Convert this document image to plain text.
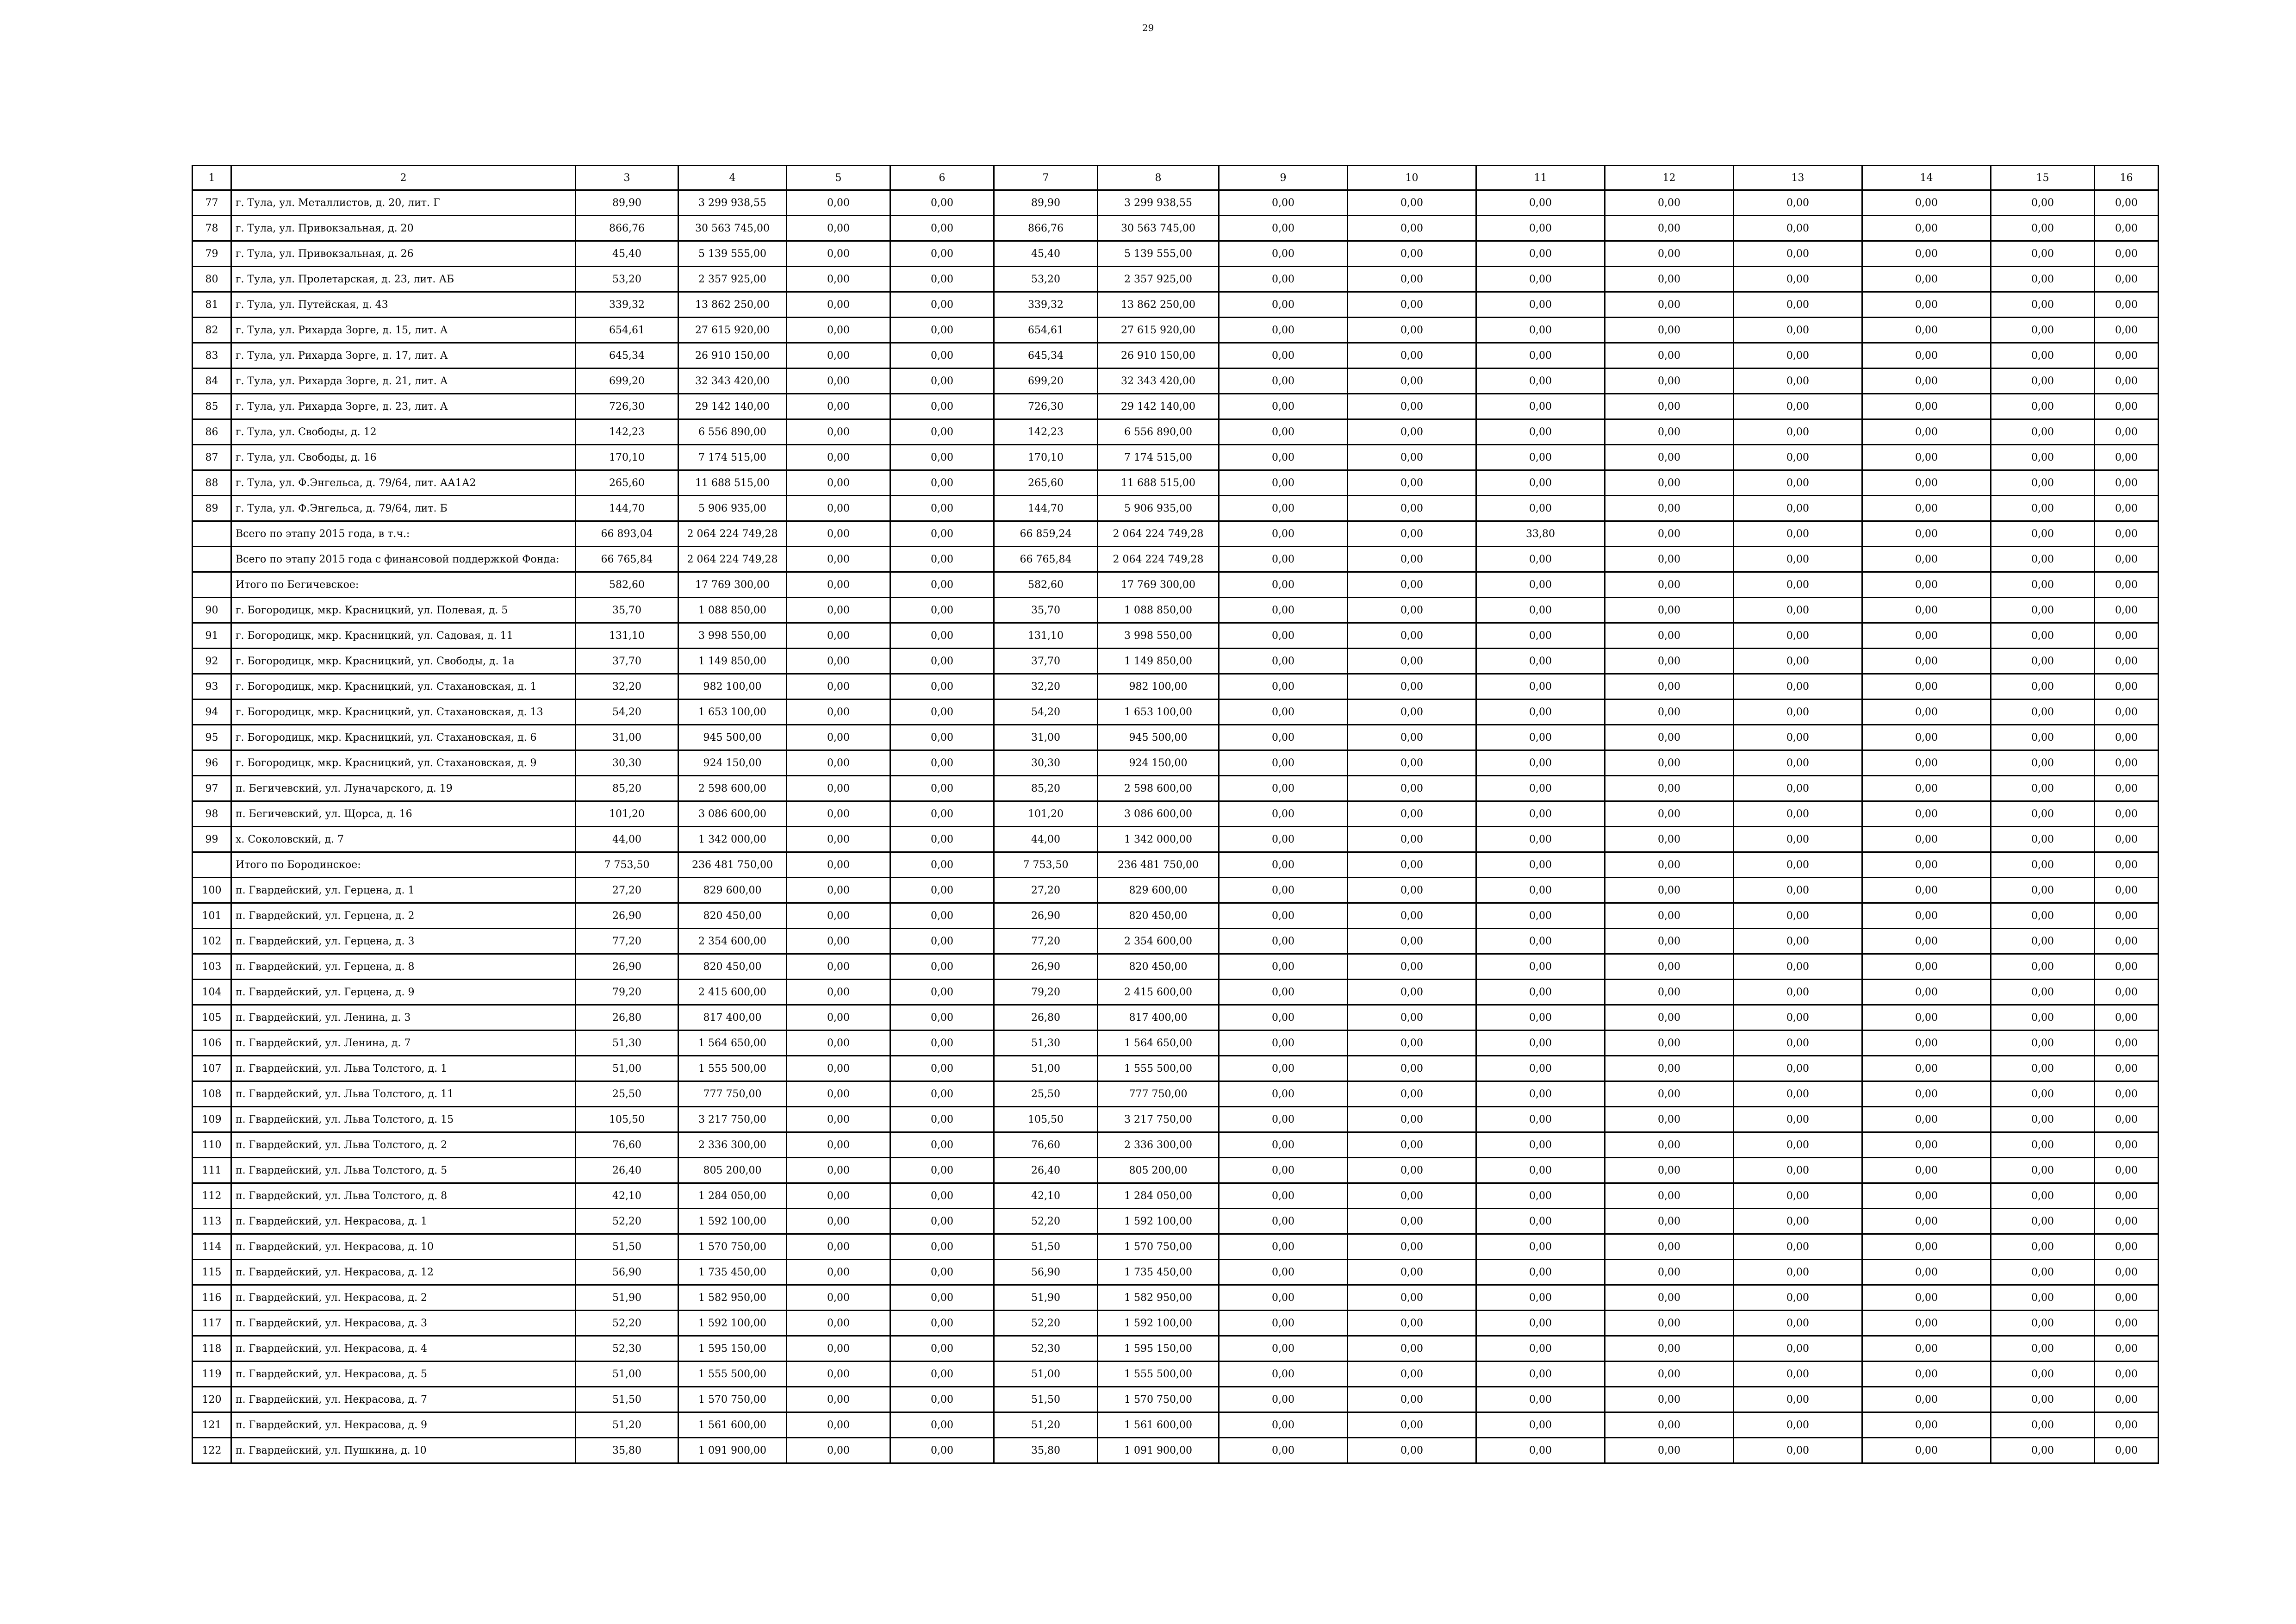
29
1	2	3	4	5	6	7	8	9	10	11	12	13	14	15	16
77	г. Тула, ул. Металлистов, д. 20, лит. Г	89,90	3 299 938,55	0,00	0,00	89,90	3 299 938,55	0,00	0,00	0,00	0,00	0,00	0,00	0,00	0,00
78	г. Тула, ул. Привокзальная, д. 20	866,76	30 563 745,00	0,00	0,00	866,76	30 563 745,00	0,00	0,00	0,00	0,00	0,00	0,00	0,00	0,00
79	г. Тула, ул. Привокзальная, д. 26	45,40	5 139 555,00	0,00	0,00	45,40	5 139 555,00	0,00	0,00	0,00	0,00	0,00	0,00	0,00	0,00
80	г. Тула, ул. Пролетарская, д. 23, лит. АБ	53,20	2 357 925,00	0,00	0,00	53,20	2 357 925,00	0,00	0,00	0,00	0,00	0,00	0,00	0,00	0,00
81	г. Тула, ул. Путейская, д. 43	339,32	13 862 250,00	0,00	0,00	339,32	13 862 250,00	0,00	0,00	0,00	0,00	0,00	0,00	0,00	0,00
82	г. Тула, ул. Рихарда Зорге, д. 15, лит. А	654,61	27 615 920,00	0,00	0,00	654,61	27 615 920,00	0,00	0,00	0,00	0,00	0,00	0,00	0,00	0,00
83	г. Тула, ул. Рихарда Зорге, д. 17, лит. А	645,34	26 910 150,00	0,00	0,00	645,34	26 910 150,00	0,00	0,00	0,00	0,00	0,00	0,00	0,00	0,00
84	г. Тула, ул. Рихарда Зорге, д. 21, лит. А	699,20	32 343 420,00	0,00	0,00	699,20	32 343 420,00	0,00	0,00	0,00	0,00	0,00	0,00	0,00	0,00
85	г. Тула, ул. Рихарда Зорге, д. 23, лит. А	726,30	29 142 140,00	0,00	0,00	726,30	29 142 140,00	0,00	0,00	0,00	0,00	0,00	0,00	0,00	0,00
86	г. Тула, ул. Свободы, д. 12	142,23	6 556 890,00	0,00	0,00	142,23	6 556 890,00	0,00	0,00	0,00	0,00	0,00	0,00	0,00	0,00
87	г. Тула, ул. Свободы, д. 16	170,10	7 174 515,00	0,00	0,00	170,10	7 174 515,00	0,00	0,00	0,00	0,00	0,00	0,00	0,00	0,00
88	г. Тула, ул. Ф.Энгельса, д. 79/64, лит. АА1А2	265,60	11 688 515,00	0,00	0,00	265,60	11 688 515,00	0,00	0,00	0,00	0,00	0,00	0,00	0,00	0,00
89	г. Тула, ул. Ф.Энгельса, д. 79/64, лит. Б	144,70	5 906 935,00	0,00	0,00	144,70	5 906 935,00	0,00	0,00	0,00	0,00	0,00	0,00	0,00	0,00
	Всего по этапу 2015 года, в т.ч.:	66 893,04	2 064 224 749,28	0,00	0,00	66 859,24	2 064 224 749,28	0,00	0,00	33,80	0,00	0,00	0,00	0,00	0,00
	Всего по этапу 2015 года с финансовой поддержкой Фонда:	66 765,84	2 064 224 749,28	0,00	0,00	66 765,84	2 064 224 749,28	0,00	0,00	0,00	0,00	0,00	0,00	0,00	0,00
	Итого по Бегичевское:	582,60	17 769 300,00	0,00	0,00	582,60	17 769 300,00	0,00	0,00	0,00	0,00	0,00	0,00	0,00	0,00
90	г. Богородицк, мкр. Красницкий, ул. Полевая, д. 5	35,70	1 088 850,00	0,00	0,00	35,70	1 088 850,00	0,00	0,00	0,00	0,00	0,00	0,00	0,00	0,00
91	г. Богородицк, мкр. Красницкий, ул. Садовая, д. 11	131,10	3 998 550,00	0,00	0,00	131,10	3 998 550,00	0,00	0,00	0,00	0,00	0,00	0,00	0,00	0,00
92	г. Богородицк, мкр. Красницкий, ул. Свободы, д. 1а	37,70	1 149 850,00	0,00	0,00	37,70	1 149 850,00	0,00	0,00	0,00	0,00	0,00	0,00	0,00	0,00
93	г. Богородицк, мкр. Красницкий, ул. Стахановская, д. 1	32,20	982 100,00	0,00	0,00	32,20	982 100,00	0,00	0,00	0,00	0,00	0,00	0,00	0,00	0,00
94	г. Богородицк, мкр. Красницкий, ул. Стахановская, д. 13	54,20	1 653 100,00	0,00	0,00	54,20	1 653 100,00	0,00	0,00	0,00	0,00	0,00	0,00	0,00	0,00
95	г. Богородицк, мкр. Красницкий, ул. Стахановская, д. 6	31,00	945 500,00	0,00	0,00	31,00	945 500,00	0,00	0,00	0,00	0,00	0,00	0,00	0,00	0,00
96	г. Богородицк, мкр. Красницкий, ул. Стахановская, д. 9	30,30	924 150,00	0,00	0,00	30,30	924 150,00	0,00	0,00	0,00	0,00	0,00	0,00	0,00	0,00
97	п. Бегичевский, ул. Луначарского, д. 19	85,20	2 598 600,00	0,00	0,00	85,20	2 598 600,00	0,00	0,00	0,00	0,00	0,00	0,00	0,00	0,00
98	п. Бегичевский, ул. Щорса, д. 16	101,20	3 086 600,00	0,00	0,00	101,20	3 086 600,00	0,00	0,00	0,00	0,00	0,00	0,00	0,00	0,00
99	х. Соколовский, д. 7	44,00	1 342 000,00	0,00	0,00	44,00	1 342 000,00	0,00	0,00	0,00	0,00	0,00	0,00	0,00	0,00
	Итого по Бородинское:	7 753,50	236 481 750,00	0,00	0,00	7 753,50	236 481 750,00	0,00	0,00	0,00	0,00	0,00	0,00	0,00	0,00
100	п. Гвардейский, ул. Герцена, д. 1	27,20	829 600,00	0,00	0,00	27,20	829 600,00	0,00	0,00	0,00	0,00	0,00	0,00	0,00	0,00
101	п. Гвардейский, ул. Герцена, д. 2	26,90	820 450,00	0,00	0,00	26,90	820 450,00	0,00	0,00	0,00	0,00	0,00	0,00	0,00	0,00
102	п. Гвардейский, ул. Герцена, д. 3	77,20	2 354 600,00	0,00	0,00	77,20	2 354 600,00	0,00	0,00	0,00	0,00	0,00	0,00	0,00	0,00
103	п. Гвардейский, ул. Герцена, д. 8	26,90	820 450,00	0,00	0,00	26,90	820 450,00	0,00	0,00	0,00	0,00	0,00	0,00	0,00	0,00
104	п. Гвардейский, ул. Герцена, д. 9	79,20	2 415 600,00	0,00	0,00	79,20	2 415 600,00	0,00	0,00	0,00	0,00	0,00	0,00	0,00	0,00
105	п. Гвардейский, ул. Ленина, д. 3	26,80	817 400,00	0,00	0,00	26,80	817 400,00	0,00	0,00	0,00	0,00	0,00	0,00	0,00	0,00
106	п. Гвардейский, ул. Ленина, д. 7	51,30	1 564 650,00	0,00	0,00	51,30	1 564 650,00	0,00	0,00	0,00	0,00	0,00	0,00	0,00	0,00
107	п. Гвардейский, ул. Льва Толстого, д. 1	51,00	1 555 500,00	0,00	0,00	51,00	1 555 500,00	0,00	0,00	0,00	0,00	0,00	0,00	0,00	0,00
108	п. Гвардейский, ул. Льва Толстого, д. 11	25,50	777 750,00	0,00	0,00	25,50	777 750,00	0,00	0,00	0,00	0,00	0,00	0,00	0,00	0,00
109	п. Гвардейский, ул. Льва Толстого, д. 15	105,50	3 217 750,00	0,00	0,00	105,50	3 217 750,00	0,00	0,00	0,00	0,00	0,00	0,00	0,00	0,00
110	п. Гвардейский, ул. Льва Толстого, д. 2	76,60	2 336 300,00	0,00	0,00	76,60	2 336 300,00	0,00	0,00	0,00	0,00	0,00	0,00	0,00	0,00
111	п. Гвардейский, ул. Льва Толстого, д. 5	26,40	805 200,00	0,00	0,00	26,40	805 200,00	0,00	0,00	0,00	0,00	0,00	0,00	0,00	0,00
112	п. Гвардейский, ул. Льва Толстого, д. 8	42,10	1 284 050,00	0,00	0,00	42,10	1 284 050,00	0,00	0,00	0,00	0,00	0,00	0,00	0,00	0,00
113	п. Гвардейский, ул. Некрасова, д. 1	52,20	1 592 100,00	0,00	0,00	52,20	1 592 100,00	0,00	0,00	0,00	0,00	0,00	0,00	0,00	0,00
114	п. Гвардейский, ул. Некрасова, д. 10	51,50	1 570 750,00	0,00	0,00	51,50	1 570 750,00	0,00	0,00	0,00	0,00	0,00	0,00	0,00	0,00
115	п. Гвардейский, ул. Некрасова, д. 12	56,90	1 735 450,00	0,00	0,00	56,90	1 735 450,00	0,00	0,00	0,00	0,00	0,00	0,00	0,00	0,00
116	п. Гвардейский, ул. Некрасова, д. 2	51,90	1 582 950,00	0,00	0,00	51,90	1 582 950,00	0,00	0,00	0,00	0,00	0,00	0,00	0,00	0,00
117	п. Гвардейский, ул. Некрасова, д. 3	52,20	1 592 100,00	0,00	0,00	52,20	1 592 100,00	0,00	0,00	0,00	0,00	0,00	0,00	0,00	0,00
118	п. Гвардейский, ул. Некрасова, д. 4	52,30	1 595 150,00	0,00	0,00	52,30	1 595 150,00	0,00	0,00	0,00	0,00	0,00	0,00	0,00	0,00
119	п. Гвардейский, ул. Некрасова, д. 5	51,00	1 555 500,00	0,00	0,00	51,00	1 555 500,00	0,00	0,00	0,00	0,00	0,00	0,00	0,00	0,00
120	п. Гвардейский, ул. Некрасова, д. 7	51,50	1 570 750,00	0,00	0,00	51,50	1 570 750,00	0,00	0,00	0,00	0,00	0,00	0,00	0,00	0,00
121	п. Гвардейский, ул. Некрасова, д. 9	51,20	1 561 600,00	0,00	0,00	51,20	1 561 600,00	0,00	0,00	0,00	0,00	0,00	0,00	0,00	0,00
122	п. Гвардейский, ул. Пушкина, д. 10	35,80	1 091 900,00	0,00	0,00	35,80	1 091 900,00	0,00	0,00	0,00	0,00	0,00	0,00	0,00	0,00
